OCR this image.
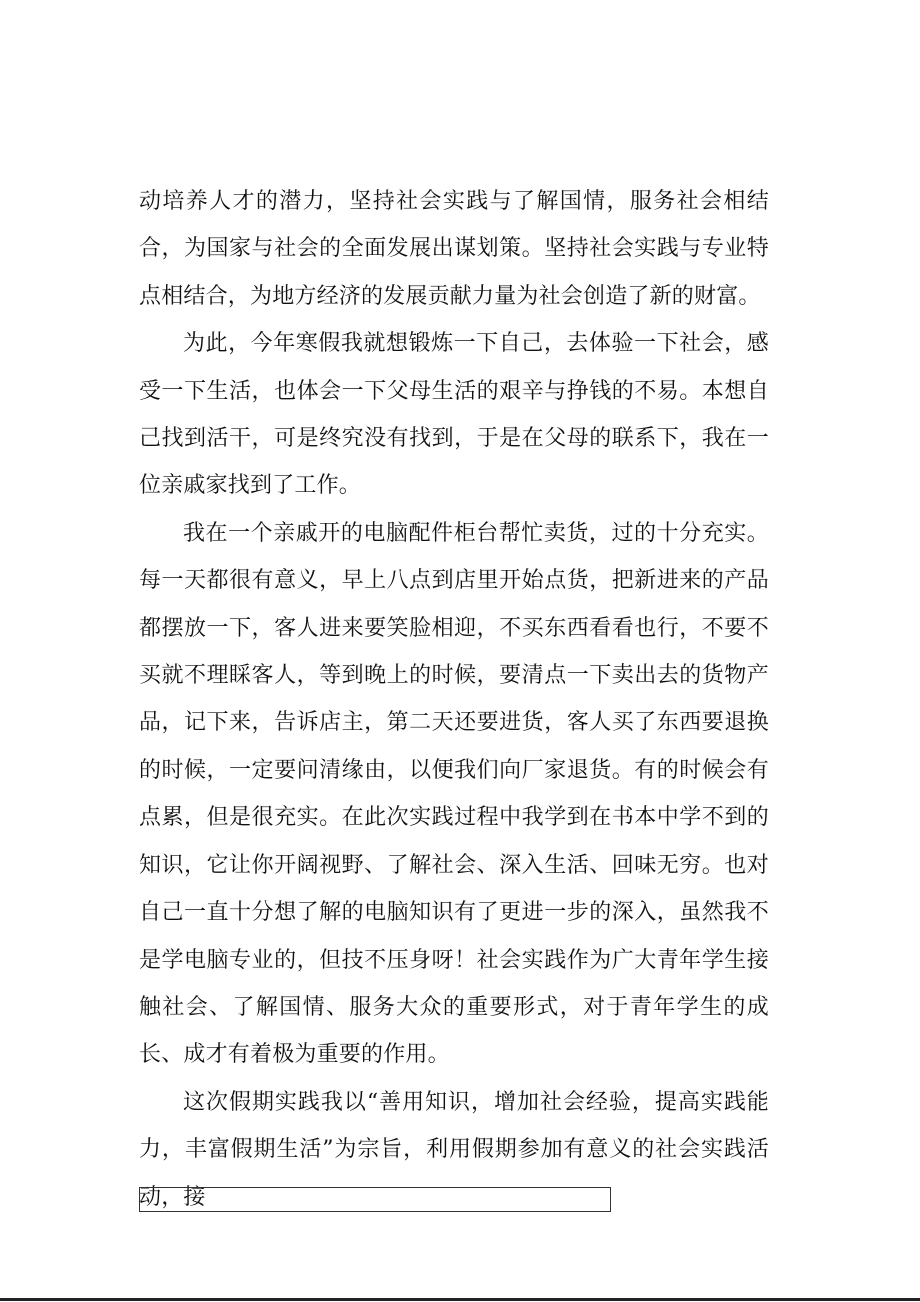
动培养人才的潜力，坚持社会实践与了解国情，服务社会相结合，为国家与社会的全面发展出谋划策。坚持社会实践与专业特点相结合，为地方经济的发展贡献力量为社会创造了新的财富。

为此，今年寒假我就想锻炼一下自己，去体验一下社会，感受一下生活，也体会一下父母生活的艰辛与挣钱的不易。本想自己找到活干，可是终究没有找到，于是在父母的联系下，我在一位亲戚家找到了工作。

我在一个亲戚开的电脑配件柜台帮忙卖货，过的十分充实。每一天都很有意义，早上八点到店里开始点货，把新进来的产品都摆放一下，客人进来要笑脸相迎，不买东西看看也行，不要不买就不理睬客人，等到晚上的时候，要清点一下卖出去的货物产品，记下来，告诉店主，第二天还要进货，客人买了东西要退换的时候，一定要问清缘由，以便我们向厂家退货。有的时候会有点累，但是很充实。在此次实践过程中我学到在书本中学不到的知识，它让你开阔视野、了解社会、深入生活、回味无穷。也对自己一直十分想了解的电脑知识有了更进一步的深入，虽然我不是学电脑专业的，但技不压身呀！社会实践作为广大青年学生接触社会、了解国情、服务大众的重要形式，对于青年学生的成长、成才有着极为重要的作用。

这次假期实践我以“善用知识，增加社会经验，提高实践能力，丰富假期生活”为宗旨，利用假期参加有意义的社会实践活动，接
